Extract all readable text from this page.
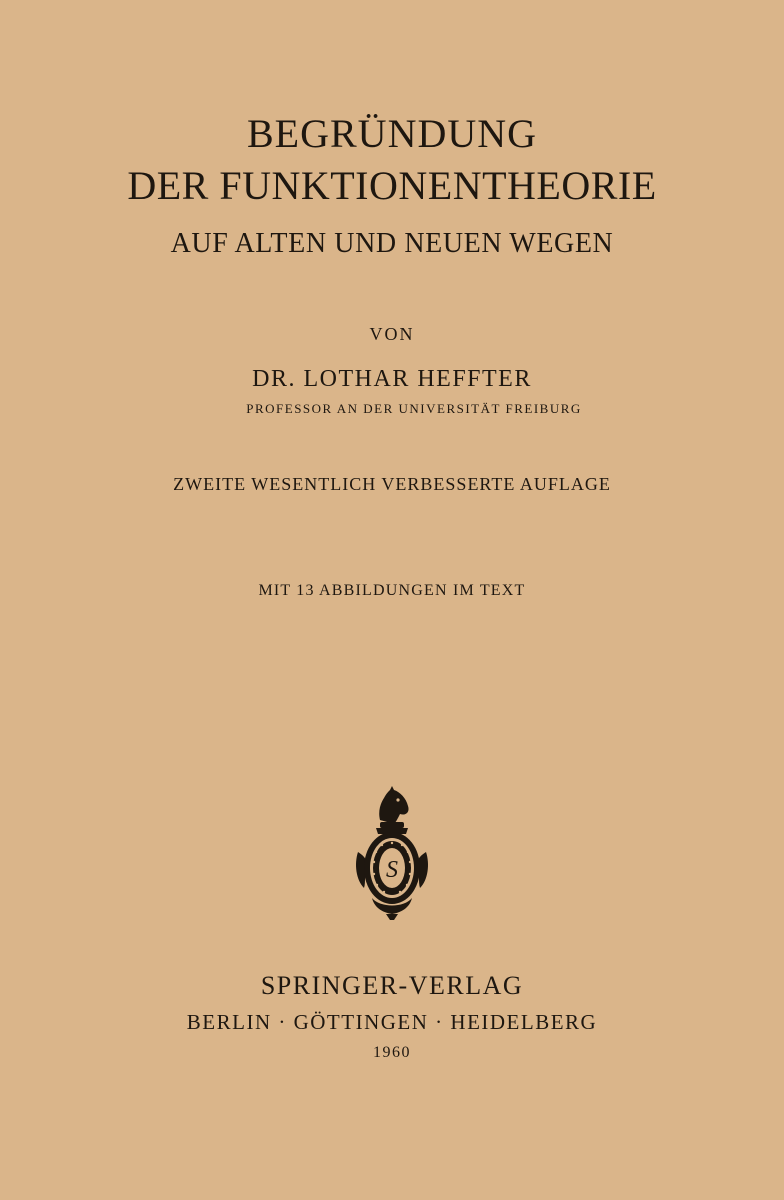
BEGRÜNDUNG
DER FUNKTIONENTHEORIE
AUF ALTEN UND NEUEN WEGEN
VON
DR. LOTHAR HEFFTER
PROFESSOR AN DER UNIVERSITÄT FREIBURG
ZWEITE WESENTLICH VERBESSERTE AUFLAGE
MIT 13 ABBILDUNGEN IM TEXT
S
SPRINGER-VERLAG
BERLIN · GÖTTINGEN · HEIDELBERG
1960
